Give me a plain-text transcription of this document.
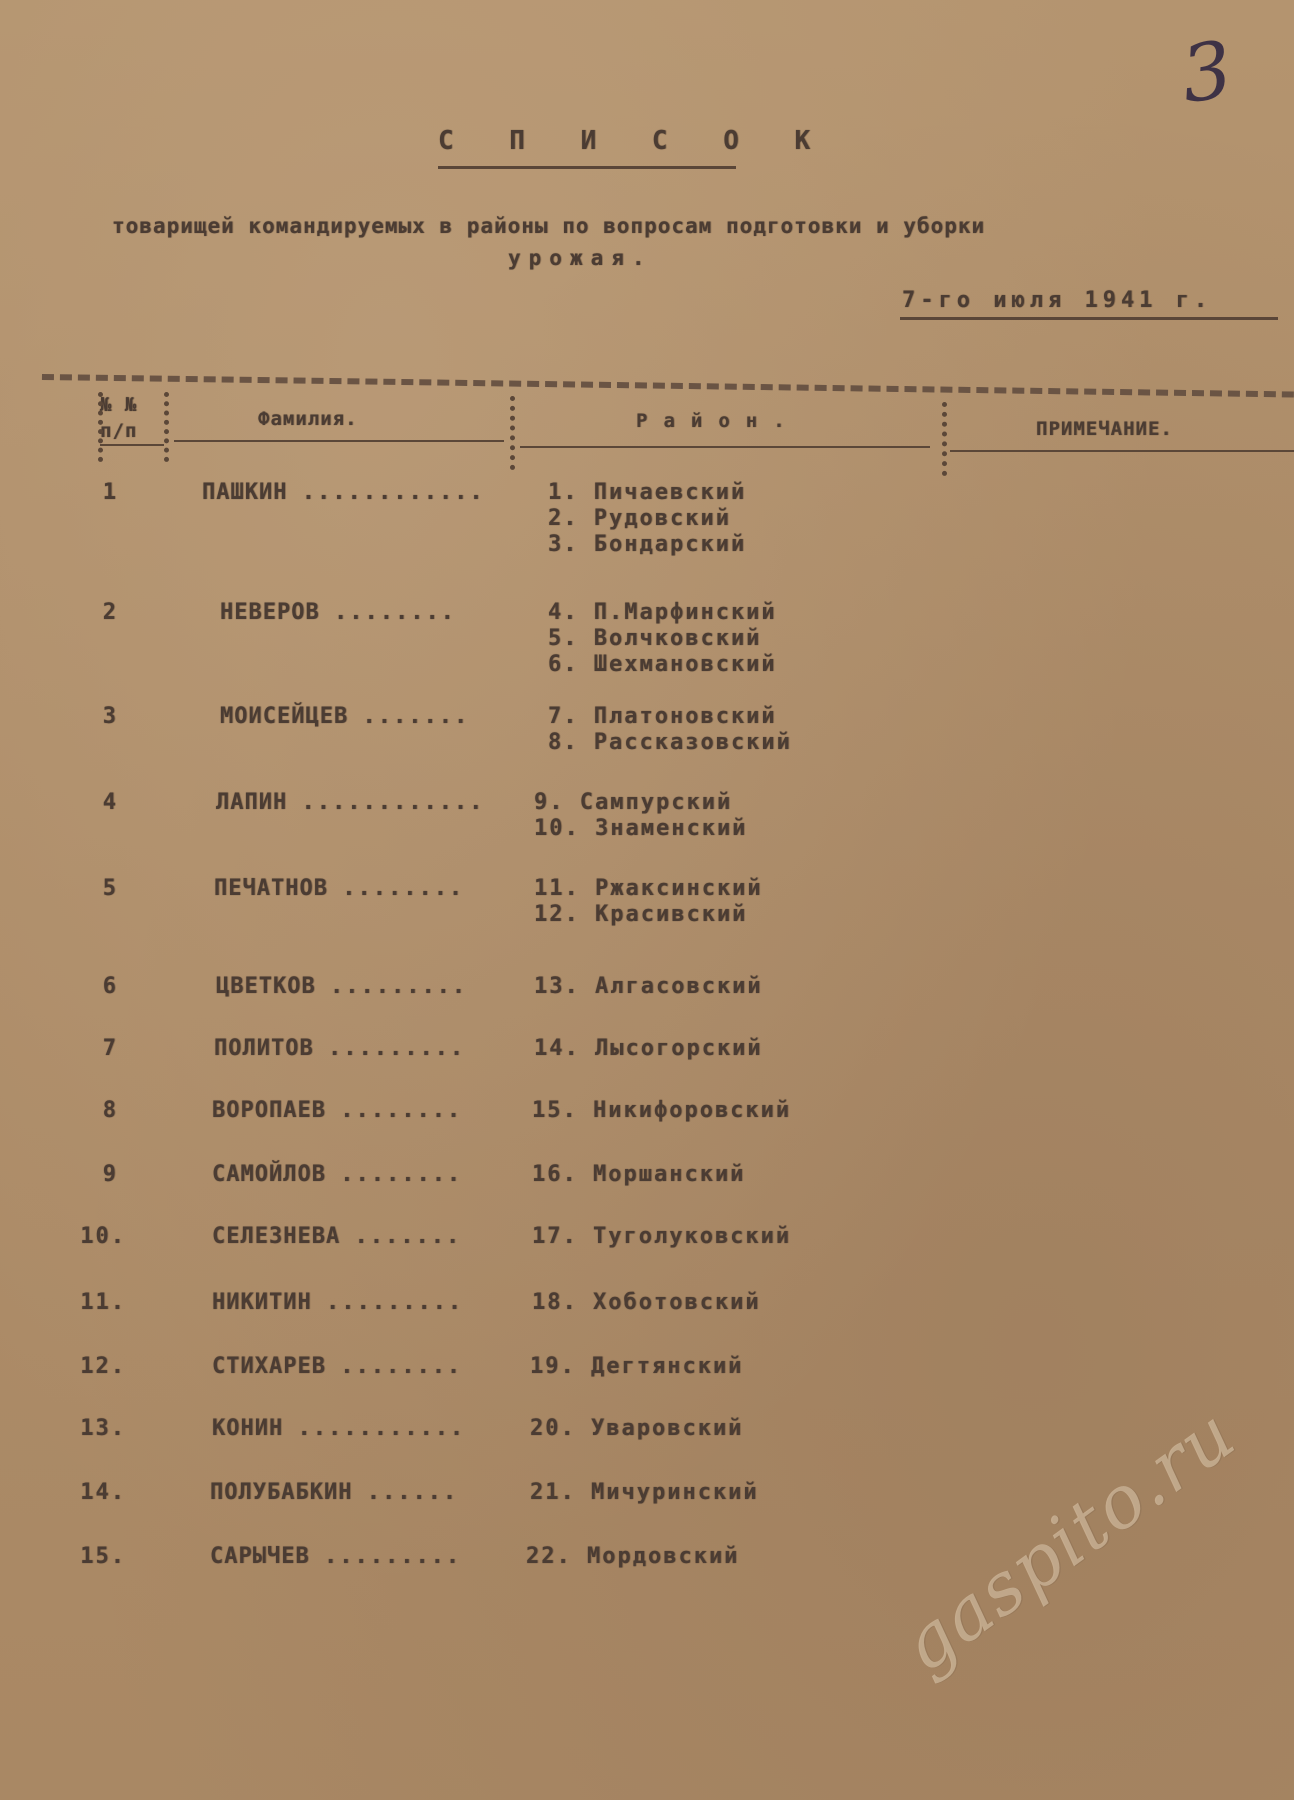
3
С П И С О К
товарищей командируемых в районы по вопросам подготовки и уборки
урожая.
7-го июля 1941 г.
№ №
п/п
Фамилия.	Район.	ПРИМЕЧАНИЕ.
1	ПАШКИН ............	1. Пичаевский
2. Рудовский
3. Бондарский
2	НЕВЕРОВ ........	4. П.Марфинский
5. Волчковский
6. Шехмановский
3	МОИСЕЙЦЕВ .......	7. Платоновский
8. Рассказовский
4	ЛАПИН ............ 9. Сампурский
10. Знаменский
5	ПЕЧАТНОВ ........	11. Ржаксинский
12. Красивский
6	ЦВЕТКОВ .........	13. Алгасовский
7	ПОЛИТОВ .........	14. Лысогорский
8	ВОРОПАЕВ ........	15. Никифоровский
9	САМОЙЛОВ ........	16. Моршанский
10.	СЕЛЕЗНЕВА .......	17. Туголуковский
11.	НИКИТИН .........	18. Хоботовский
12.	СТИХАРЕВ ........	19. Дегтянский
13.	КОНИН ...........	20. Уваровский
14.	ПОЛУБАБКИН ......	21. Мичуринский
15.	САРЫЧЕВ .........	22. Мордовский gaspito.ru
